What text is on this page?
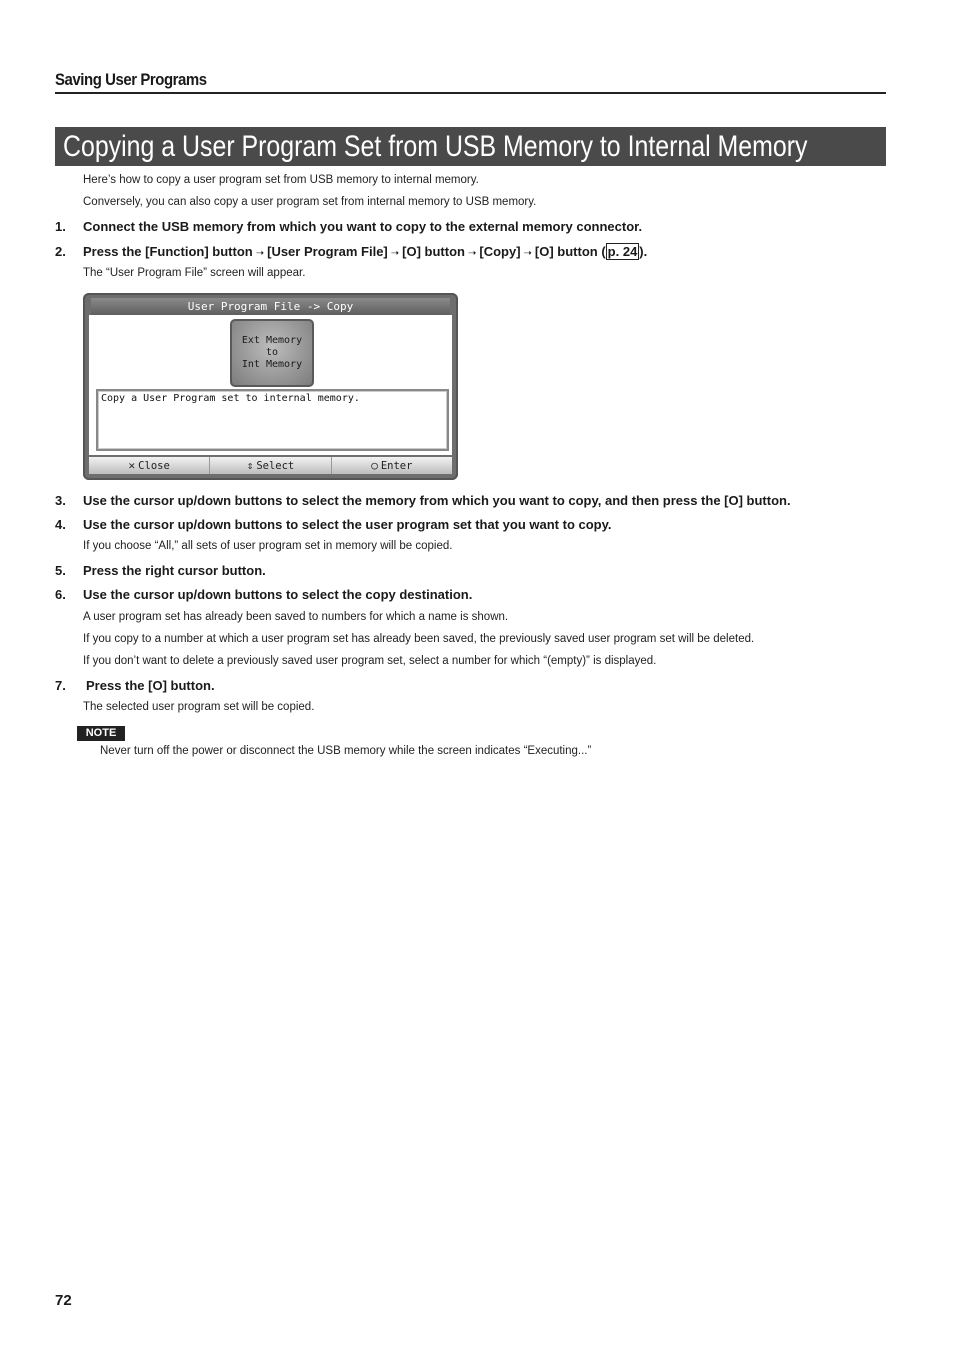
Saving User Programs
Copying a User Program Set from USB Memory to Internal Memory
Here’s how to copy a user program set from USB memory to internal memory.
Conversely, you can also copy a user program set from internal memory to USB memory.
1. Connect the USB memory from which you want to copy to the external memory connector.
2. Press the [Function] button ➝ [User Program File] ➝ [O] button ➝ [Copy] ➝ [O] button ( p. 24 ).
The “User Program File” screen will appear.
User Program File -> Copy
Ext Memory
to
Int Memory
Copy a User Program set to internal memory.
✕ Close	⇕ Select	○ Enter
3. Use the cursor up/down buttons to select the memory from which you want to copy, and then press the [O] button.
4. Use the cursor up/down buttons to select the user program set that you want to copy.
If you choose “All,” all sets of user program set in memory will be copied.
5. Press the right cursor button.
6. Use the cursor up/down buttons to select the copy destination.
A user program set has already been saved to numbers for which a name is shown.
If you copy to a number at which a user program set has already been saved, the previously saved user program set will be deleted.
If you don’t want to delete a previously saved user program set, select a number for which “(empty)” is displayed.
7. Press the [O] button.
The selected user program set will be copied.
NOTE
Never turn off the power or disconnect the USB memory while the screen indicates “Executing...”
72
